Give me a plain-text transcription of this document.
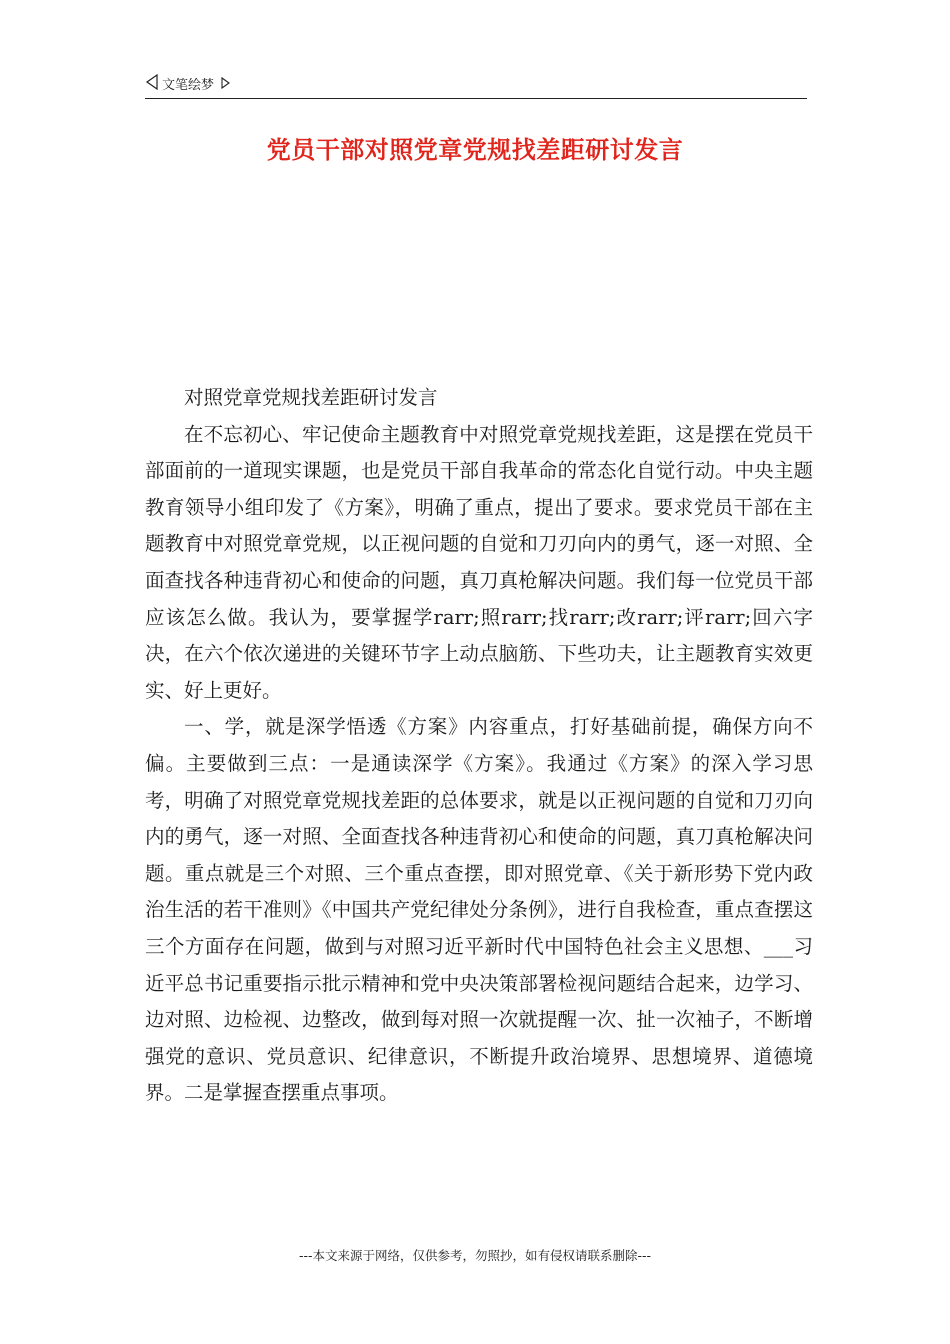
文笔绘梦
党员干部对照党章党规找差距研讨发言

对照党章党规找差距研讨发言

在不忘初心、牢记使命主题教育中对照党章党规找差距，这是摆在党员干部面前的一道现实课题，也是党员干部自我革命的常态化自觉行动。中央主题教育领导小组印发了《方案》，明确了重点，提出了要求。要求党员干部在主题教育中对照党章党规，以正视问题的自觉和刀刃向内的勇气，逐一对照、全面查找各种违背初心和使命的问题，真刀真枪解决问题。我们每一位党员干部应该怎么做。我认为，要掌握学rarr;照rarr;找rarr;改rarr;评rarr;回六字决，在六个依次递进的关键环节字上动点脑筋、下些功夫，让主题教育实效更实、好上更好。

一、学，就是深学悟透《方案》内容重点，打好基础前提，确保方向不偏。主要做到三点：一是通读深学《方案》。我通过《方案》的深入学习思考，明确了对照党章党规找差距的总体要求，就是以正视问题的自觉和刀刃向内的勇气，逐一对照、全面查找各种违背初心和使命的问题，真刀真枪解决问题。重点就是三个对照、三个重点查摆，即对照党章、《关于新形势下党内政治生活的若干准则》《中国共产党纪律处分条例》，进行自我检查，重点查摆这三个方面存在问题，做到与对照习近平新时代中国特色社会主义思想、___习近平总书记重要指示批示精神和党中央决策部署检视问题结合起来，边学习、边对照、边检视、边整改，做到每对照一次就提醒一次、扯一次袖子，不断增强党的意识、党员意识、纪律意识，不断提升政治境界、思想境界、道德境界。二是掌握查摆重点事项。

---本文来源于网络，仅供参考，勿照抄，如有侵权请联系删除---
